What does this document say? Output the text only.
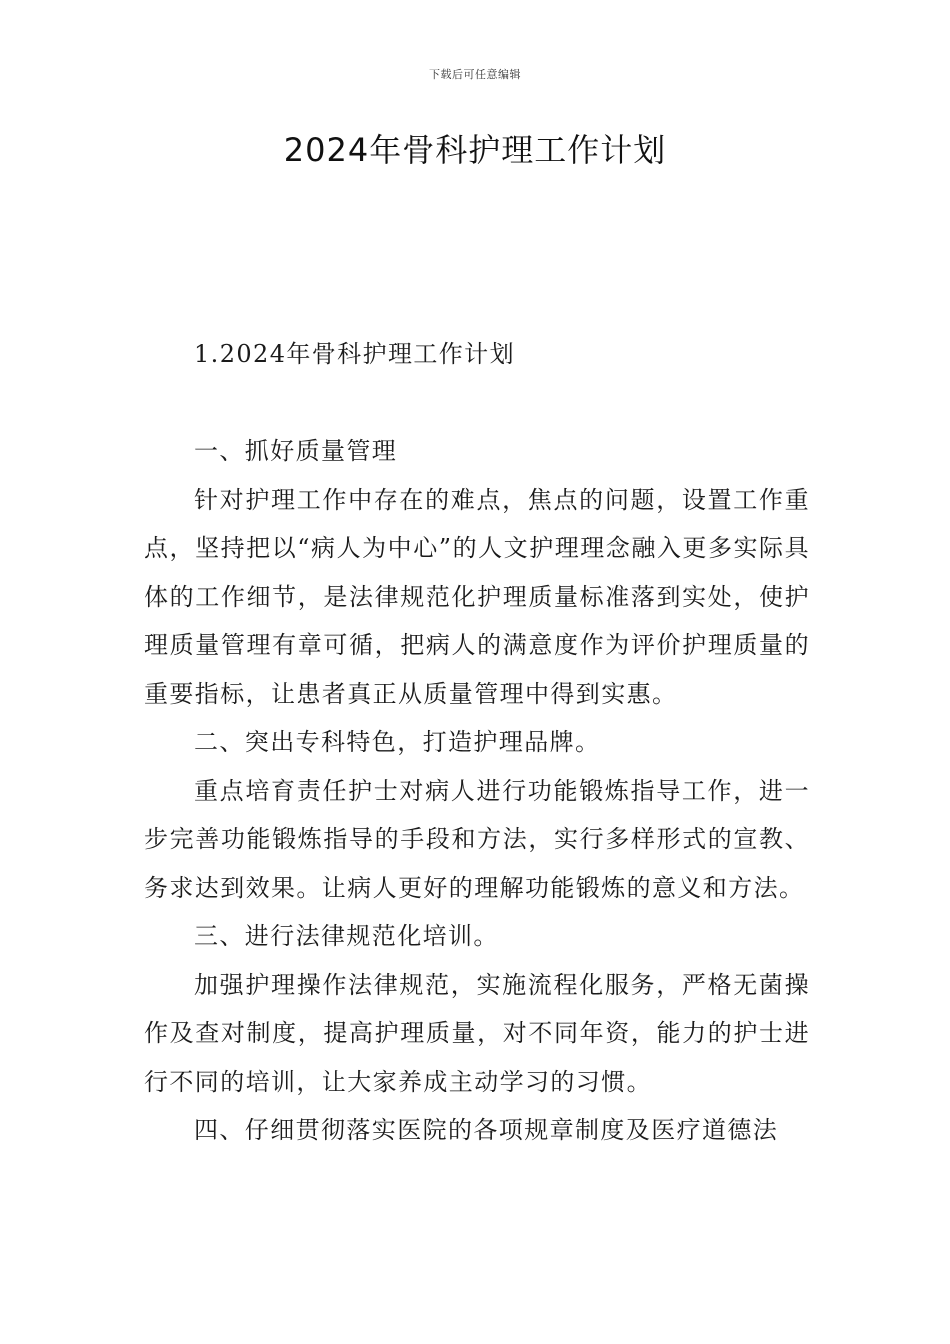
下载后可任意编辑
2024年骨科护理工作计划

1.2024年骨科护理工作计划

一、抓好质量管理

针对护理工作中存在的难点，焦点的问题，设置工作重点，坚持把以“病人为中心”的人文护理理念融入更多实际具体的工作细节，是法律规范化护理质量标准落到实处，使护理质量管理有章可循，把病人的满意度作为评价护理质量的重要指标，让患者真正从质量管理中得到实惠。

二、突出专科特色，打造护理品牌。

重点培育责任护士对病人进行功能锻炼指导工作，进一步完善功能锻炼指导的手段和方法，实行多样形式的宣教、务求达到效果。让病人更好的理解功能锻炼的意义和方法。

三、进行法律规范化培训。

加强护理操作法律规范，实施流程化服务，严格无菌操作及查对制度，提高护理质量，对不同年资，能力的护士进行不同的培训，让大家养成主动学习的习惯。

四、仔细贯彻落实医院的各项规章制度及医疗道德法
